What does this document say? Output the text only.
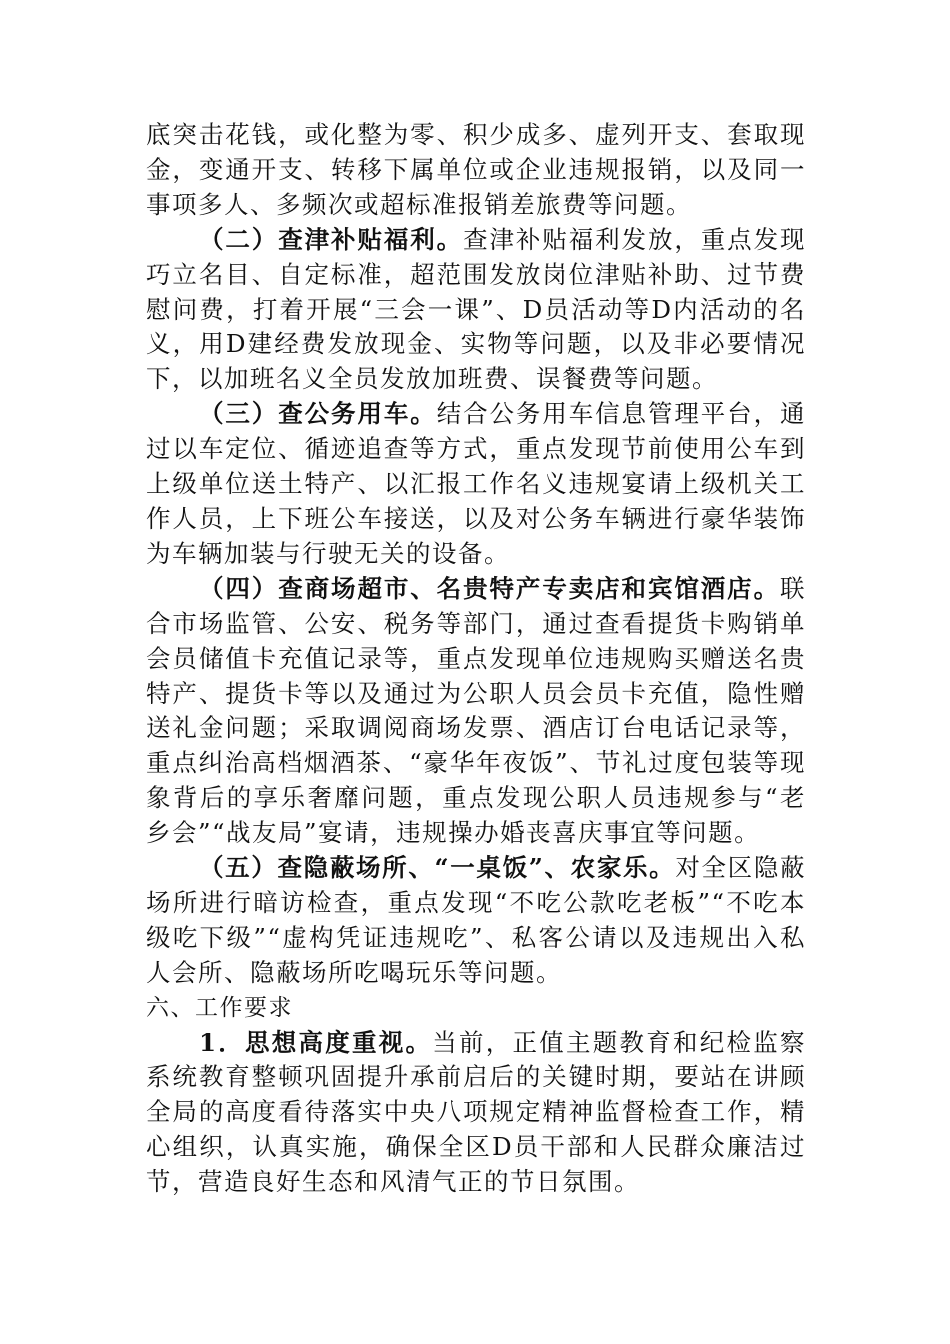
底突击花钱，或化整为零、积少成多、虚列开支、套取现金，变通开支、转移下属单位或企业违规报销，以及同一事项多人、多频次或超标准报销差旅费等问题。

（二）查津补贴福利。查津补贴福利发放，重点发现巧立名目、自定标准，超范围发放岗位津贴补助、过节费慰问费，打着开展“三会一课”、D员活动等D内活动的名义，用D建经费发放现金、实物等问题，以及非必要情况下，以加班名义全员发放加班费、误餐费等问题。

（三）查公务用车。结合公务用车信息管理平台，通过以车定位、循迹追查等方式，重点发现节前使用公车到上级单位送土特产、以汇报工作名义违规宴请上级机关工作人员，上下班公车接送，以及对公务车辆进行豪华装饰为车辆加装与行驶无关的设备。

（四）查商场超市、名贵特产专卖店和宾馆酒店。联合市场监管、公安、税务等部门，通过查看提货卡购销单会员储值卡充值记录等，重点发现单位违规购买赠送名贵特产、提货卡等以及通过为公职人员会员卡充值，隐性赠送礼金问题；采取调阅商场发票、酒店订台电话记录等，重点纠治高档烟酒茶、“豪华年夜饭”、节礼过度包装等现象背后的享乐奢靡问题，重点发现公职人员违规参与“老乡会”“战友局”宴请，违规操办婚丧喜庆事宜等问题。

（五）查隐蔽场所、“一桌饭”、农家乐。对全区隐蔽场所进行暗访检查，重点发现“不吃公款吃老板”“不吃本级吃下级”“虚构凭证违规吃”、私客公请以及违规出入私人会所、隐蔽场所吃喝玩乐等问题。

六、工作要求

1．思想高度重视。当前，正值主题教育和纪检监察系统教育整顿巩固提升承前启后的关键时期，要站在讲顾全局的高度看待落实中央八项规定精神监督检查工作，精心组织，认真实施，确保全区D员干部和人民群众廉洁过节，营造良好生态和风清气正的节日氛围。
